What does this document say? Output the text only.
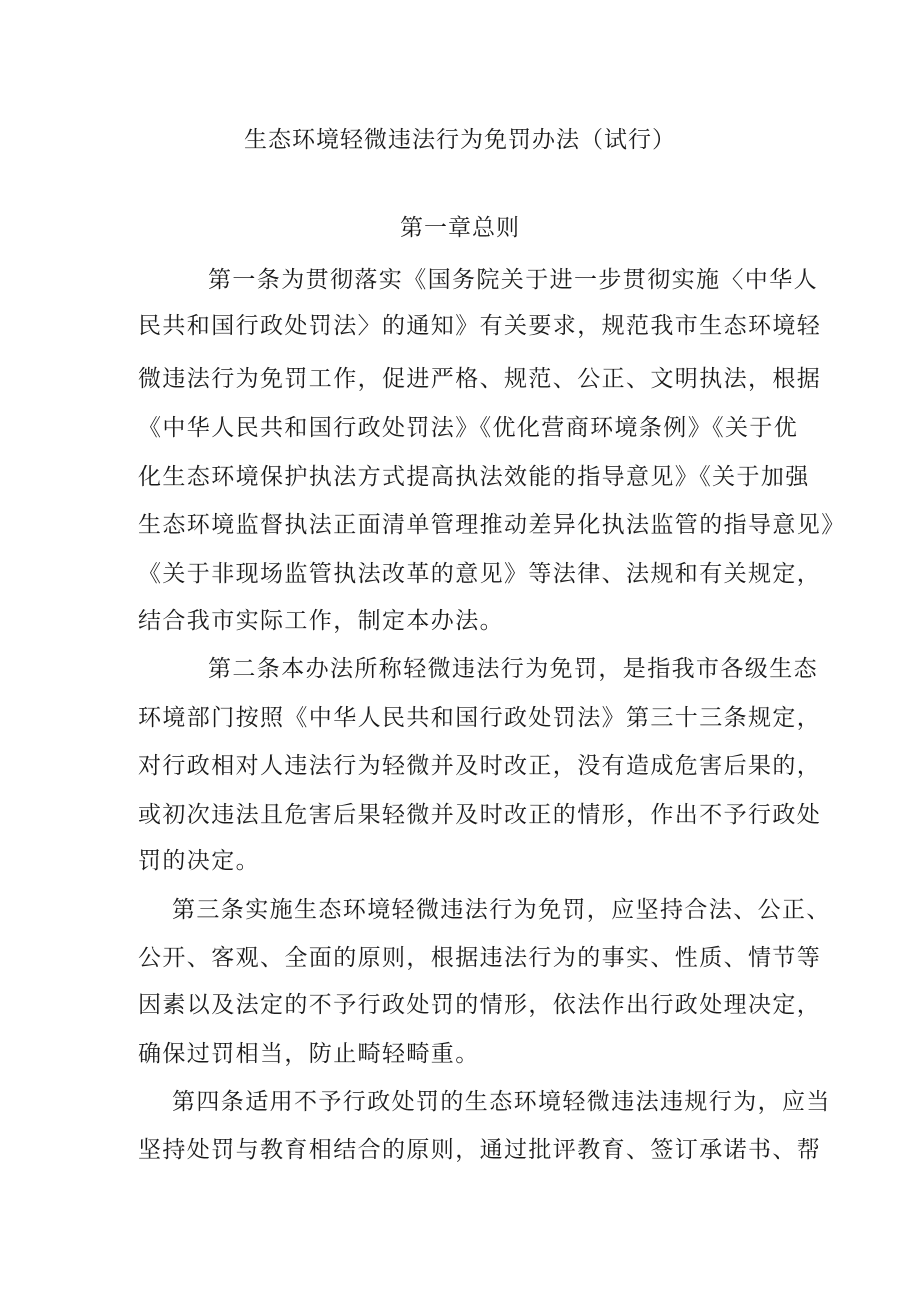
生态环境轻微违法行为免罚办法（试行）
第一章总则
第一条为贯彻落实《国务院关于进一步贯彻实施〈中华人
民共和国行政处罚法〉的通知》有关要求，规范我市生态环境轻
微违法行为免罚工作，促进严格、规范、公正、文明执法，根据
《中华人民共和国行政处罚法》《优化营商环境条例》《关于优
化生态环境保护执法方式提高执法效能的指导意见》《关于加强
生态环境监督执法正面清单管理推动差异化执法监管的指导意见》
《关于非现场监管执法改革的意见》等法律、法规和有关规定，
结合我市实际工作，制定本办法。
第二条本办法所称轻微违法行为免罚，是指我市各级生态
环境部门按照《中华人民共和国行政处罚法》第三十三条规定，
对行政相对人违法行为轻微并及时改正，没有造成危害后果的，
或初次违法且危害后果轻微并及时改正的情形，作出不予行政处
罚的决定。
第三条实施生态环境轻微违法行为免罚，应坚持合法、公正、
公开、客观、全面的原则，根据违法行为的事实、性质、情节等
因素以及法定的不予行政处罚的情形，依法作出行政处理决定，
确保过罚相当，防止畸轻畸重。
第四条适用不予行政处罚的生态环境轻微违法违规行为，应当
坚持处罚与教育相结合的原则，通过批评教育、签订承诺书、帮
